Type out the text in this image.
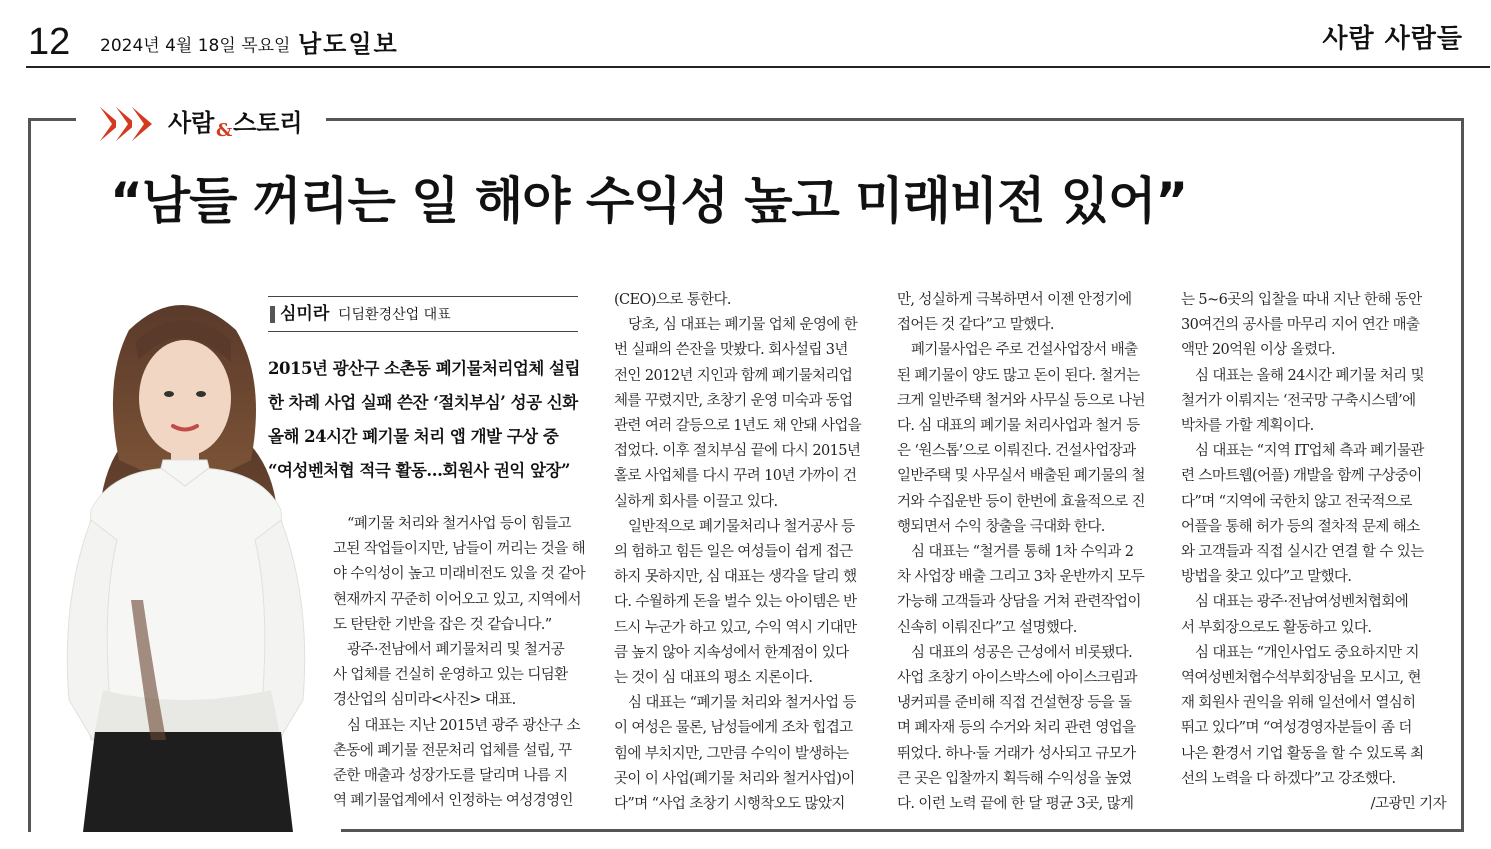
12 2024년 4월 18일 목요일 남도일보	사람 사람들
사람 & 스토리
“남들 꺼리는 일 해야 수익성 높고 미래비전 있어”
심미라 디딤환경산업 대표
2015년 광산구 소촌동 폐기물처리업체 설립
한 차례 사업 실패 쓴잔 ‘절치부심’ 성공 신화
올해 24시간 폐기물 처리 앱 개발 구상 중
“여성벤처협 적극 활동…회원사 권익 앞장”
“폐기물 처리와 철거사업 등이 힘들고
고된 작업들이지만, 남들이 꺼리는 것을 해
야 수익성이 높고 미래비전도 있을 것 같아
현재까지 꾸준히 이어오고 있고, 지역에서
도 탄탄한 기반을 잡은 것 같습니다.”
광주·전남에서 폐기물처리 및 철거공
사 업체를 건실히 운영하고 있는 디딤환
경산업의 심미라<사진> 대표.
심 대표는 지난 2015년 광주 광산구 소
촌동에 폐기물 전문처리 업체를 설립, 꾸
준한 매출과 성장가도를 달리며 나름 지
역 폐기물업계에서 인정하는 여성경영인
(CEO)으로 통한다.
당초, 심 대표는 폐기물 업체 운영에 한
번 실패의 쓴잔을 맛봤다. 회사설립 3년
전인 2012년 지인과 함께 폐기물처리업
체를 꾸렸지만, 초창기 운영 미숙과 동업
관련 여러 갈등으로 1년도 채 안돼 사업을
접었다. 이후 절치부심 끝에 다시 2015년
홀로 사업체를 다시 꾸려 10년 가까이 건
실하게 회사를 이끌고 있다.
일반적으로 폐기물처리나 철거공사 등
의 험하고 힘든 일은 여성들이 쉽게 접근
하지 못하지만, 심 대표는 생각을 달리 했
다. 수월하게 돈을 벌수 있는 아이템은 반
드시 누군가 하고 있고, 수익 역시 기대만
큼 높지 않아 지속성에서 한계점이 있다
는 것이 심 대표의 평소 지론이다.
심 대표는 “폐기물 처리와 철거사업 등
이 여성은 물론, 남성들에게 조차 힙겹고
힘에 부치지만, 그만큼 수익이 발생하는
곳이 이 사업(폐기물 처리와 철거사업)이
다”며 “사업 초창기 시행착오도 많았지
만, 성실하게 극복하면서 이젠 안정기에
접어든 것 같다”고 말했다.
폐기물사업은 주로 건설사업장서 배출
된 폐기물이 양도 많고 돈이 된다. 철거는
크게 일반주택 철거와 사무실 등으로 나뉜
다. 심 대표의 폐기물 처리사업과 철거 등
은 ‘원스톱’으로 이뤄진다. 건설사업장과
일반주택 및 사무실서 배출된 폐기물의 철
거와 수집운반 등이 한번에 효율적으로 진
행되면서 수익 창출을 극대화 한다.
심 대표는 “철거를 통해 1차 수익과 2
차 사업장 배출 그리고 3차 운반까지 모두
가능해 고객들과 상담을 거쳐 관련작업이
신속히 이뤄진다”고 설명했다.
심 대표의 성공은 근성에서 비롯됐다.
사업 초창기 아이스박스에 아이스크림과
냉커피를 준비해 직접 건설현장 등을 돌
며 폐자재 등의 수거와 처리 관련 영업을
뛰었다. 하나·둘 거래가 성사되고 규모가
큰 곳은 입찰까지 획득해 수익성을 높였
다. 이런 노력 끝에 한 달 평균 3곳, 많게
는 5~6곳의 입찰을 따내 지난 한해 동안
30여건의 공사를 마무리 지어 연간 매출
액만 20억원 이상 올렸다.
심 대표는 올해 24시간 폐기물 처리 및
철거가 이뤄지는 ‘전국망 구축시스템’에
박차를 가할 계획이다.
심 대표는 “지역 IT업체 측과 폐기물관
련 스마트웹(어플) 개발을 함께 구상중이
다”며 “지역에 국한치 않고 전국적으로
어플을 통해 허가 등의 절차적 문제 해소
와 고객들과 직접 실시간 연결 할 수 있는
방법을 찾고 있다”고 말했다.
심 대표는 광주·전남여성벤처협회에
서 부회장으로도 활동하고 있다.
심 대표는 “개인사업도 중요하지만 지
역여성벤처협수석부회장님을 모시고, 현
재 회원사 권익을 위해 일선에서 열심히
뛰고 있다”며 “여성경영자분들이 좀 더
나은 환경서 기업 활동을 할 수 있도록 최
선의 노력을 다 하겠다”고 강조했다.
/고광민 기자
